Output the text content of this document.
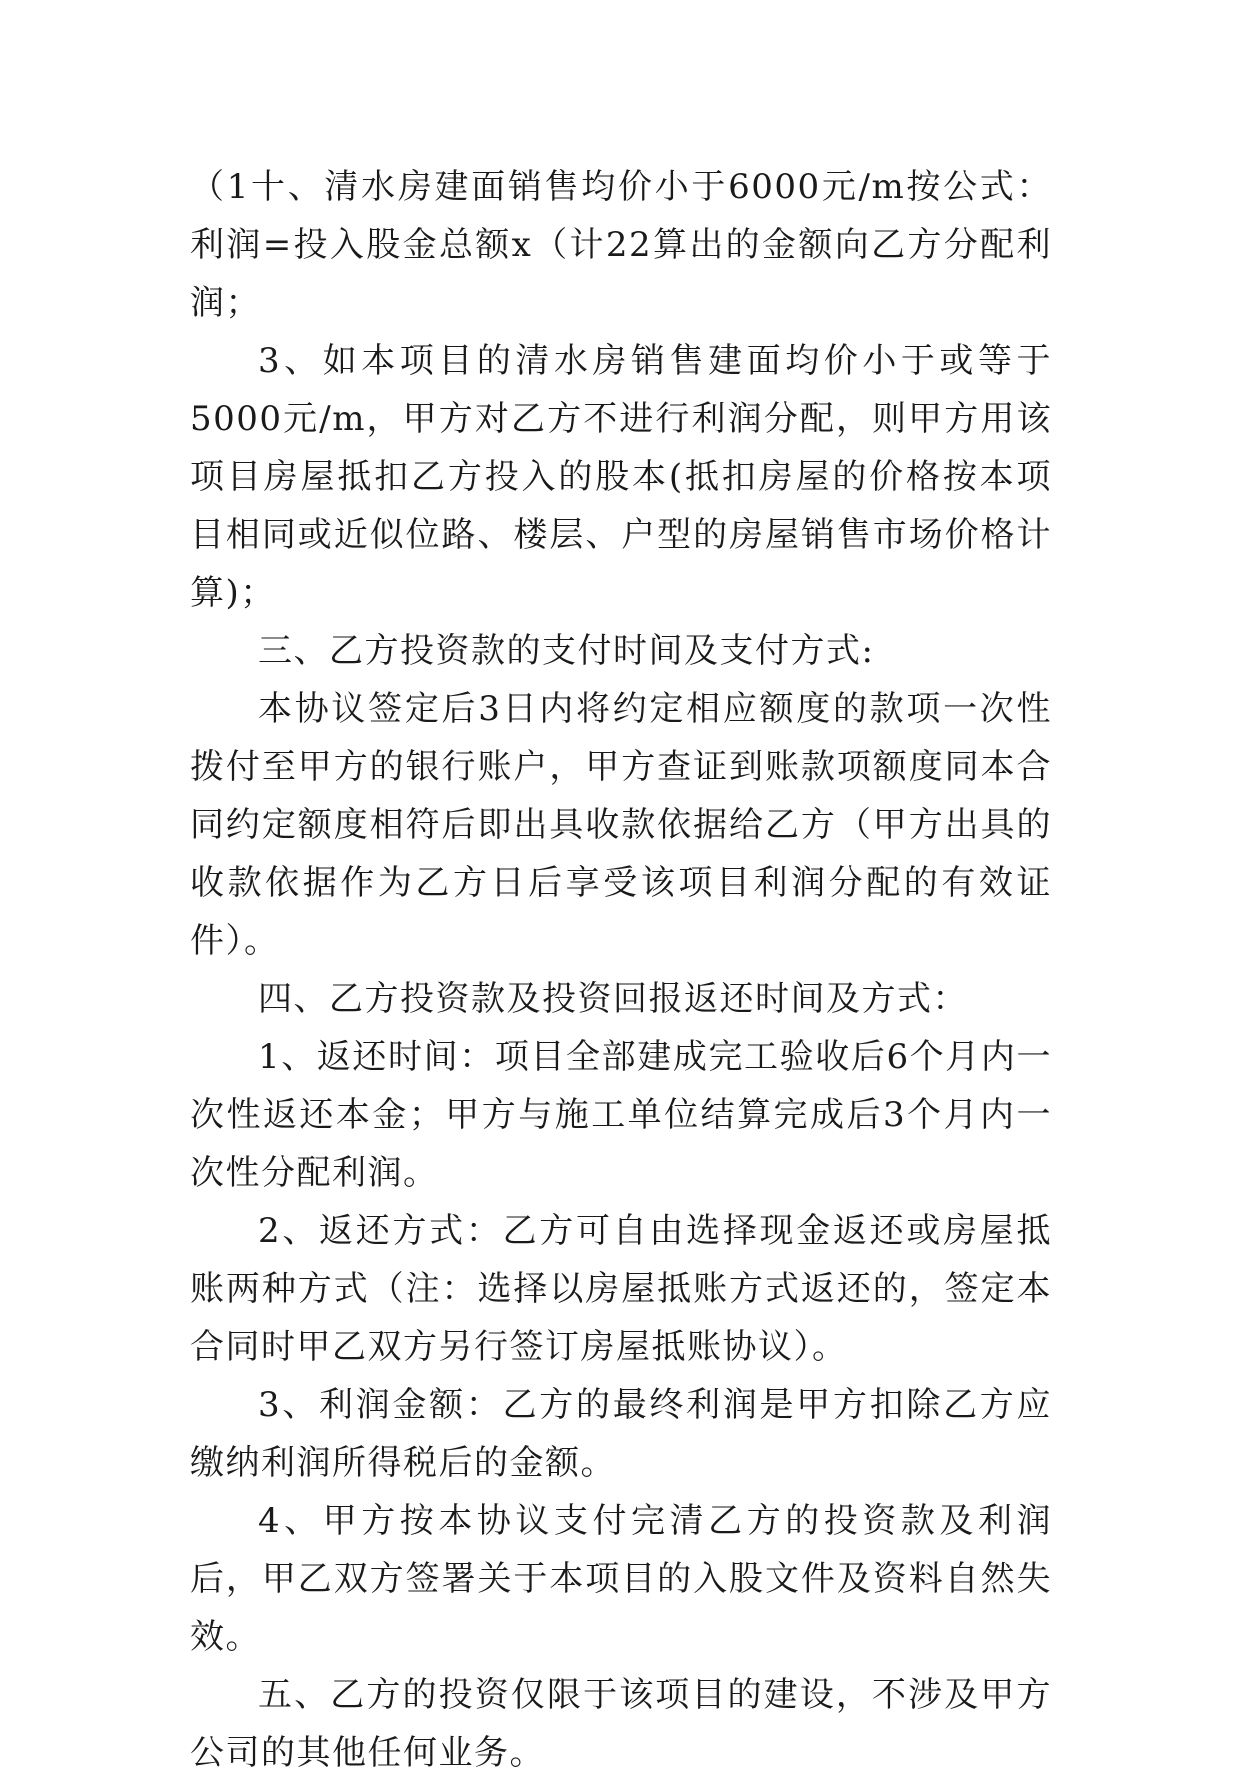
（1十、清水房建面销售均价小于6000元/m按公式：利润=投入股金总额x（计22算出的金额向乙方分配利润；

3、如本项目的清水房销售建面均价小于或等于5000元/m，甲方对乙方不进行利润分配，则甲方用该项目房屋抵扣乙方投入的股本(抵扣房屋的价格按本项目相同或近似位路、楼层、户型的房屋销售市场价格计算)；

三、乙方投资款的支付时间及支付方式:

本协议签定后3日内将约定相应额度的款项一次性拨付至甲方的银行账户，甲方查证到账款项额度同本合同约定额度相符后即出具收款依据给乙方（甲方出具的收款依据作为乙方日后享受该项目利润分配的有效证件）。

四、乙方投资款及投资回报返还时间及方式：

1、返还时间：项目全部建成完工验收后6个月内一次性返还本金；甲方与施工单位结算完成后3个月内一次性分配利润。

2、返还方式：乙方可自由选择现金返还或房屋抵账两种方式（注：选择以房屋抵账方式返还的，签定本合同时甲乙双方另行签订房屋抵账协议）。

3、利润金额：乙方的最终利润是甲方扣除乙方应缴纳利润所得税后的金额。

4、甲方按本协议支付完清乙方的投资款及利润后，甲乙双方签署关于本项目的入股文件及资料自然失效。

五、乙方的投资仅限于该项目的建设，不涉及甲方公司的其他任何业务。
